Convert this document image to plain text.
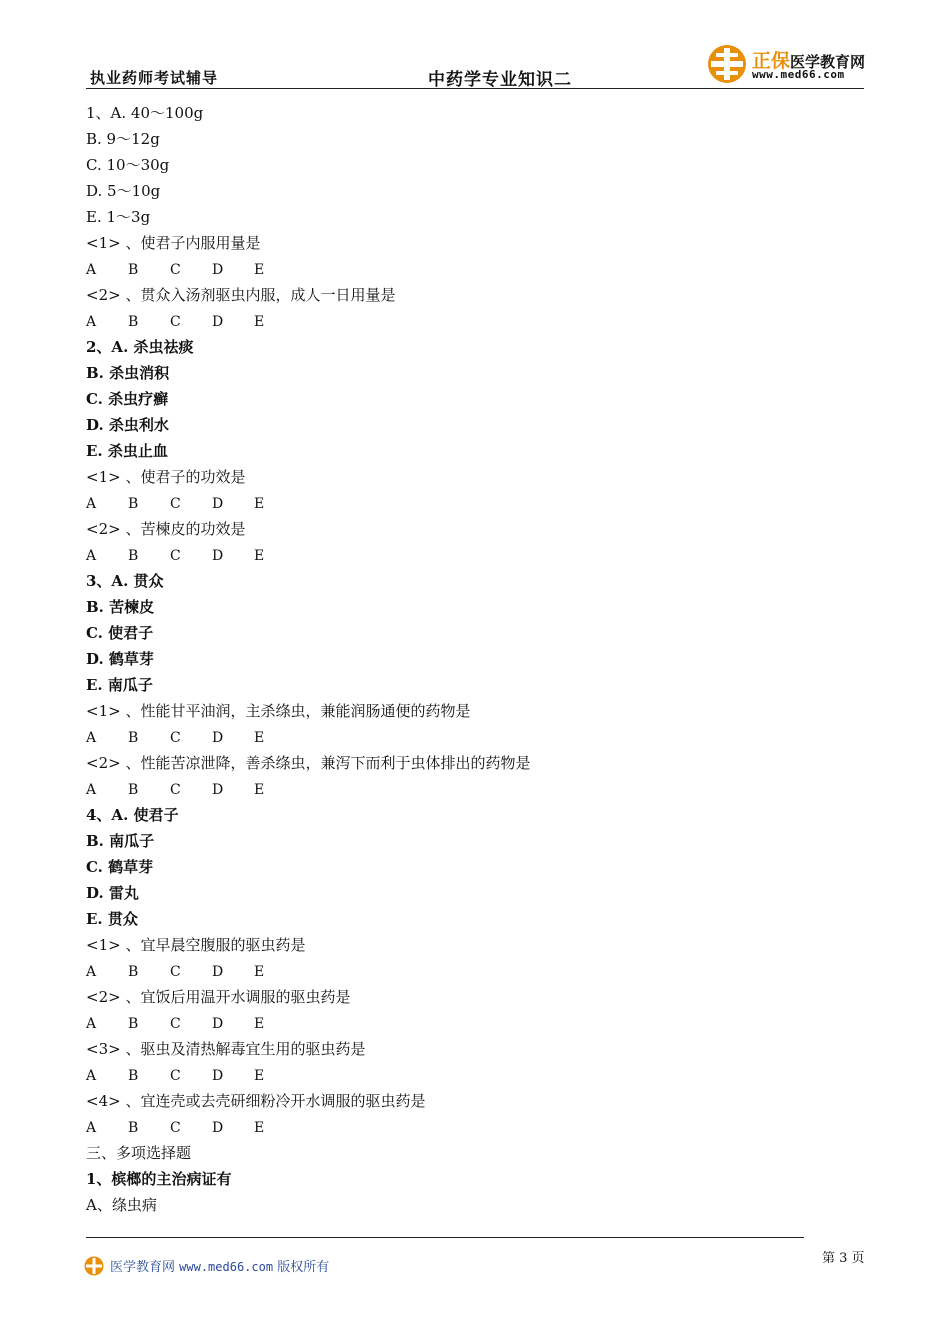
执业药师考试辅导	中药学专业知识二
正保医学教育网
www.med66.com
1、A. 40～100g
B. 9～12g
C. 10～30g
D. 5～10g
E. 1～3g
<1> 、使君子内服用量是
A B C D E
<2> 、贯众入汤剂驱虫内服，成人一日用量是
A B C D E
2、A. 杀虫祛痰
B. 杀虫消积
C. 杀虫疗癣
D. 杀虫利水
E. 杀虫止血
<1> 、使君子的功效是
A B C D E
<2> 、苦楝皮的功效是
A B C D E
3、A. 贯众
B. 苦楝皮
C. 使君子
D. 鹤草芽
E. 南瓜子
<1> 、性能甘平油润，主杀绦虫，兼能润肠通便的药物是
A B C D E
<2> 、性能苦凉泄降，善杀绦虫，兼泻下而利于虫体排出的药物是
A B C D E
4、A. 使君子
B. 南瓜子
C. 鹤草芽
D. 雷丸
E. 贯众
<1> 、宜早晨空腹服的驱虫药是
A B C D E
<2> 、宜饭后用温开水调服的驱虫药是
A B C D E
<3> 、驱虫及清热解毒宜生用的驱虫药是
A B C D E
<4> 、宜连壳或去壳研细粉冷开水调服的驱虫药是
A B C D E
三、多项选择题
1、槟榔的主治病证有
A、绦虫病
医学教育网 www.med66.com 版权所有
第 3 页
